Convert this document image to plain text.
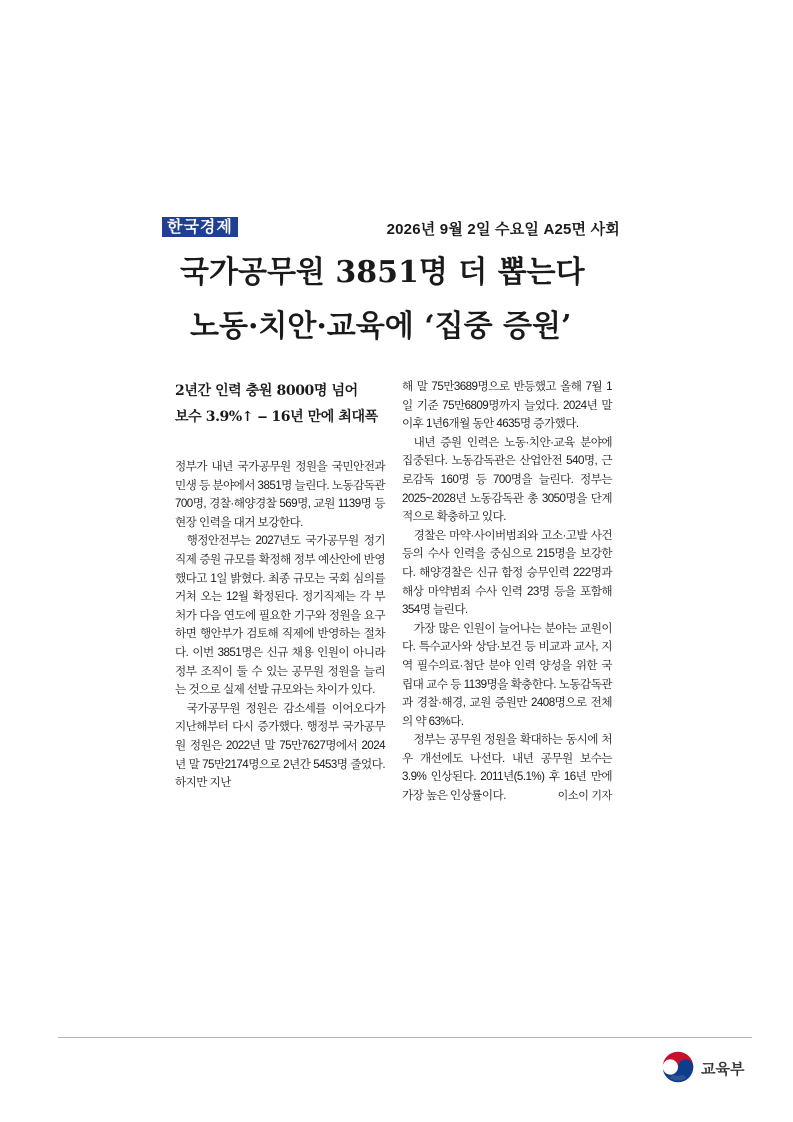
한국경제	2026년 9월 2일 수요일 A25면 사회
국가공무원 3851명 더 뽑는다
노동·치안·교육에 ‘집중 증원’
2년간 인력 충원 8000명 넘어
보수 3.9%↑ ‒ 16년 만에 최대폭

정부가 내년 국가공무원 정원을 국민안전과 민생 등 분야에서 3851명 늘린다. 노동감독관 700명, 경찰·해양경찰 569명, 교원 1139명 등 현장 인력을 대거 보강한다.

행정안전부는 2027년도 국가공무원 정기직제 증원 규모를 확정해 정부 예산안에 반영했다고 1일 밝혔다. 최종 규모는 국회 심의를 거쳐 오는 12월 확정된다. 정기직제는 각 부처가 다음 연도에 필요한 기구와 정원을 요구하면 행안부가 검토해 직제에 반영하는 절차다. 이번 3851명은 신규 채용 인원이 아니라 정부 조직이 둘 수 있는 공무원 정원을 늘리는 것으로 실제 선발 규모와는 차이가 있다.

국가공무원 정원은 감소세를 이어오다가 지난해부터 다시 증가했다. 행정부 국가공무원 정원은 2022년 말 75만7627명에서 2024년 말 75만2174명으로 2년간 5453명 줄었다. 하지만 지난

해 말 75만3689명으로 반등했고 올해 7월 1일 기준 75만6809명까지 늘었다. 2024년 말 이후 1년6개월 동안 4635명 증가했다.

내년 증원 인력은 노동·치안·교육 분야에 집중된다. 노동감독관은 산업안전 540명, 근로감독 160명 등 700명을 늘린다. 정부는 2025~2028년 노동감독관 총 3050명을 단계적으로 확충하고 있다.

경찰은 마약·사이버범죄와 고소·고발 사건 등의 수사 인력을 중심으로 215명을 보강한다. 해양경찰은 신규 함정 승무인력 222명과 해상 마약범죄 수사 인력 23명 등을 포함해 354명 늘린다.

가장 많은 인원이 늘어나는 분야는 교원이다. 특수교사와 상담·보건 등 비교과 교사, 지역 필수의료·첨단 분야 인력 양성을 위한 국립대 교수 등 1139명을 확충한다. 노동감독관과 경찰·해경, 교원 증원만 2408명으로 전체의 약 63%다.

정부는 공무원 정원을 확대하는 동시에 처우 개선에도 나선다. 내년 공무원 보수는 3.9% 인상된다. 2011년(5.1%) 후 16년 만에 가장 높은 인상률이다.	이소이 기자

교육부
